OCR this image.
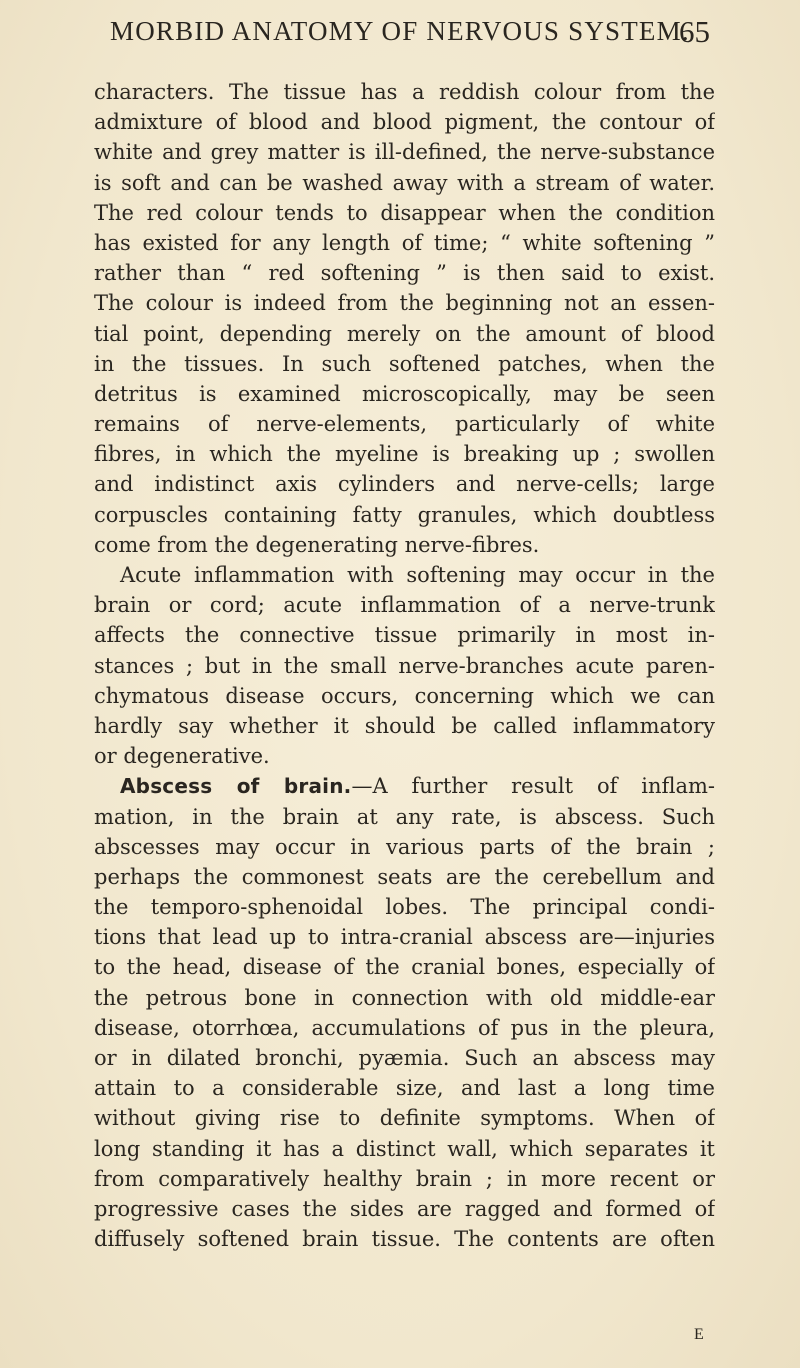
MORBID ANATOMY OF NERVOUS SYSTEM.
65
characters. The tissue has a reddish colour from the
admixture of blood and blood pigment, the contour of
white and grey matter is ill-defined, the nerve-substance
is soft and can be washed away with a stream of water.
The red colour tends to disappear when the condition
has existed for any length of time; “ white softening ”
rather than “ red softening ” is then said to exist.
The colour is indeed from the beginning not an essen-
tial point, depending merely on the amount of blood
in the tissues. In such softened patches, when the
detritus is examined microscopically, may be seen
remains of nerve-elements, particularly of white
fibres, in which the myeline is breaking up ; swollen
and indistinct axis cylinders and nerve-cells; large
corpuscles containing fatty granules, which doubtless
come from the degenerating nerve-fibres.
Acute inflammation with softening may occur in the
brain or cord; acute inflammation of a nerve-trunk
affects the connective tissue primarily in most in-
stances ; but in the small nerve-branches acute paren-
chymatous disease occurs, concerning which we can
hardly say whether it should be called inflammatory
or degenerative.
Abscess of brain.—A further result of inflam-
mation, in the brain at any rate, is abscess. Such
abscesses may occur in various parts of the brain ;
perhaps the commonest seats are the cerebellum and
the temporo-sphenoidal lobes. The principal condi-
tions that lead up to intra-cranial abscess are—injuries
to the head, disease of the cranial bones, especially of
the petrous bone in connection with old middle-ear
disease, otorrhœa, accumulations of pus in the pleura,
or in dilated bronchi, pyæmia. Such an abscess may
attain to a considerable size, and last a long time
without giving rise to definite symptoms. When of
long standing it has a distinct wall, which separates it
from comparatively healthy brain ; in more recent or
progressive cases the sides are ragged and formed of
diffusely softened brain tissue. The contents are often
E
